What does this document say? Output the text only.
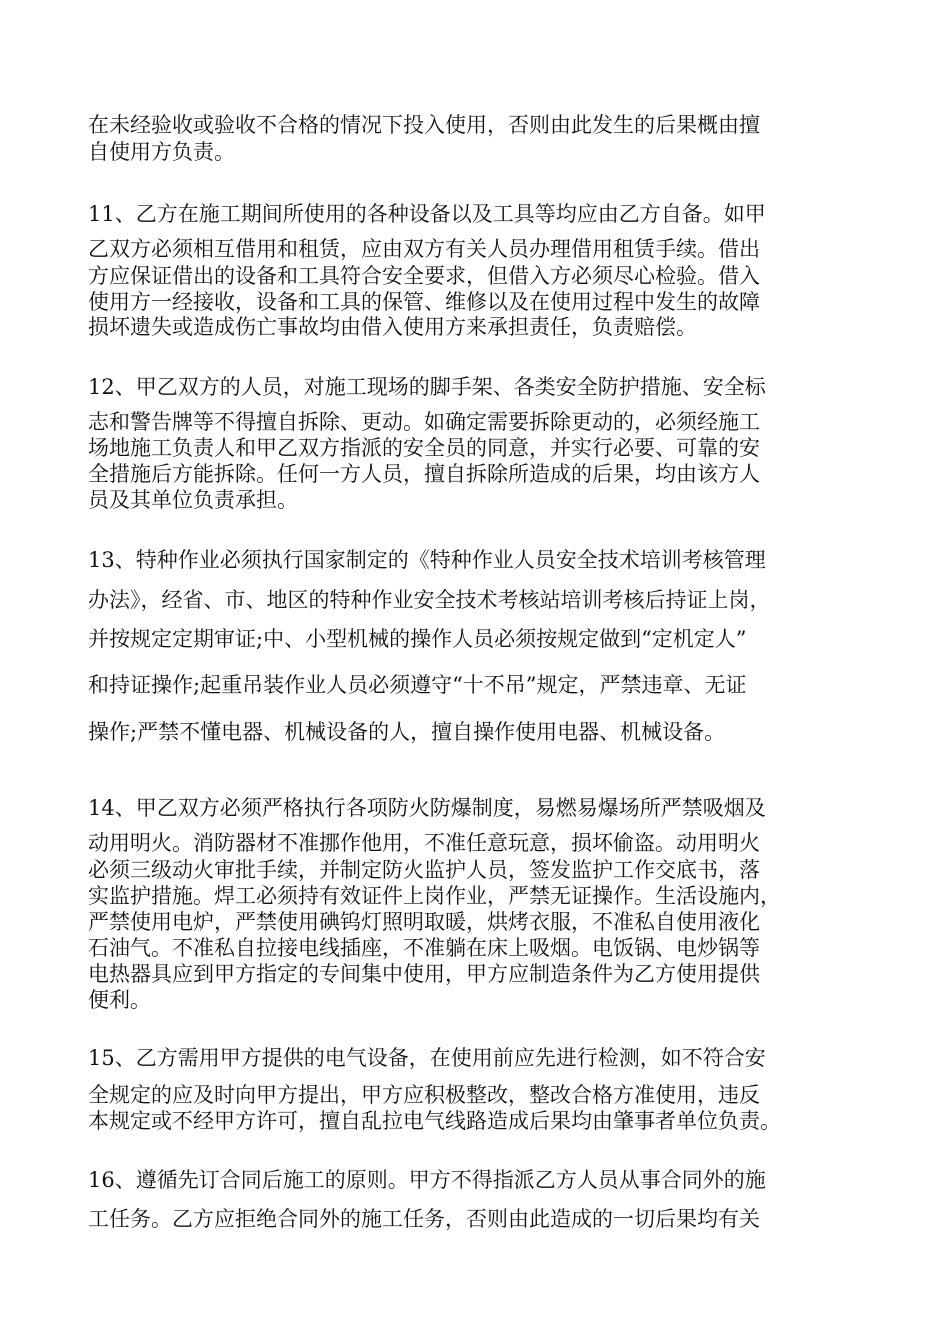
在未经验收或验收不合格的情况下投入使用，否则由此发生的后果概由擅
自使用方负责。
11、乙方在施工期间所使用的各种设备以及工具等均应由乙方自备。如甲
乙双方必须相互借用和租赁，应由双方有关人员办理借用租赁手续。借出
方应保证借出的设备和工具符合安全要求，但借入方必须尽心检验。借入
使用方一经接收，设备和工具的保管、维修以及在使用过程中发生的故障
损坏遗失或造成伤亡事故均由借入使用方来承担责任，负责赔偿。
12、甲乙双方的人员，对施工现场的脚手架、各类安全防护措施、安全标
志和警告牌等不得擅自拆除、更动。如确定需要拆除更动的，必须经施工
场地施工负责人和甲乙双方指派的安全员的同意，并实行必要、可靠的安
全措施后方能拆除。任何一方人员，擅自拆除所造成的后果，均由该方人
员及其单位负责承担。
13、特种作业必须执行国家制定的《特种作业人员安全技术培训考核管理
办法》，经省、市、地区的特种作业安全技术考核站培训考核后持证上岗，
并按规定定期审证;中、小型机械的操作人员必须按规定做到“定机定人”
和持证操作;起重吊装作业人员必须遵守“十不吊”规定，严禁违章、无证
操作;严禁不懂电器、机械设备的人，擅自操作使用电器、机械设备。
14、甲乙双方必须严格执行各项防火防爆制度，易燃易爆场所严禁吸烟及
动用明火。消防器材不准挪作他用，不准任意玩意，损坏偷盗。动用明火
必须三级动火审批手续，并制定防火监护人员，签发监护工作交底书，落
实监护措施。焊工必须持有效证件上岗作业，严禁无证操作。生活设施内，
严禁使用电炉，严禁使用碘钨灯照明取暖，烘烤衣服，不准私自使用液化
石油气。不准私自拉接电线插座，不准躺在床上吸烟。电饭锅、电炒锅等
电热器具应到甲方指定的专间集中使用，甲方应制造条件为乙方使用提供
便利。
15、乙方需用甲方提供的电气设备，在使用前应先进行检测，如不符合安
全规定的应及时向甲方提出，甲方应积极整改，整改合格方准使用，违反
本规定或不经甲方许可，擅自乱拉电气线路造成后果均由肇事者单位负责。
16、遵循先订合同后施工的原则。甲方不得指派乙方人员从事合同外的施
工任务。乙方应拒绝合同外的施工任务，否则由此造成的一切后果均有关
